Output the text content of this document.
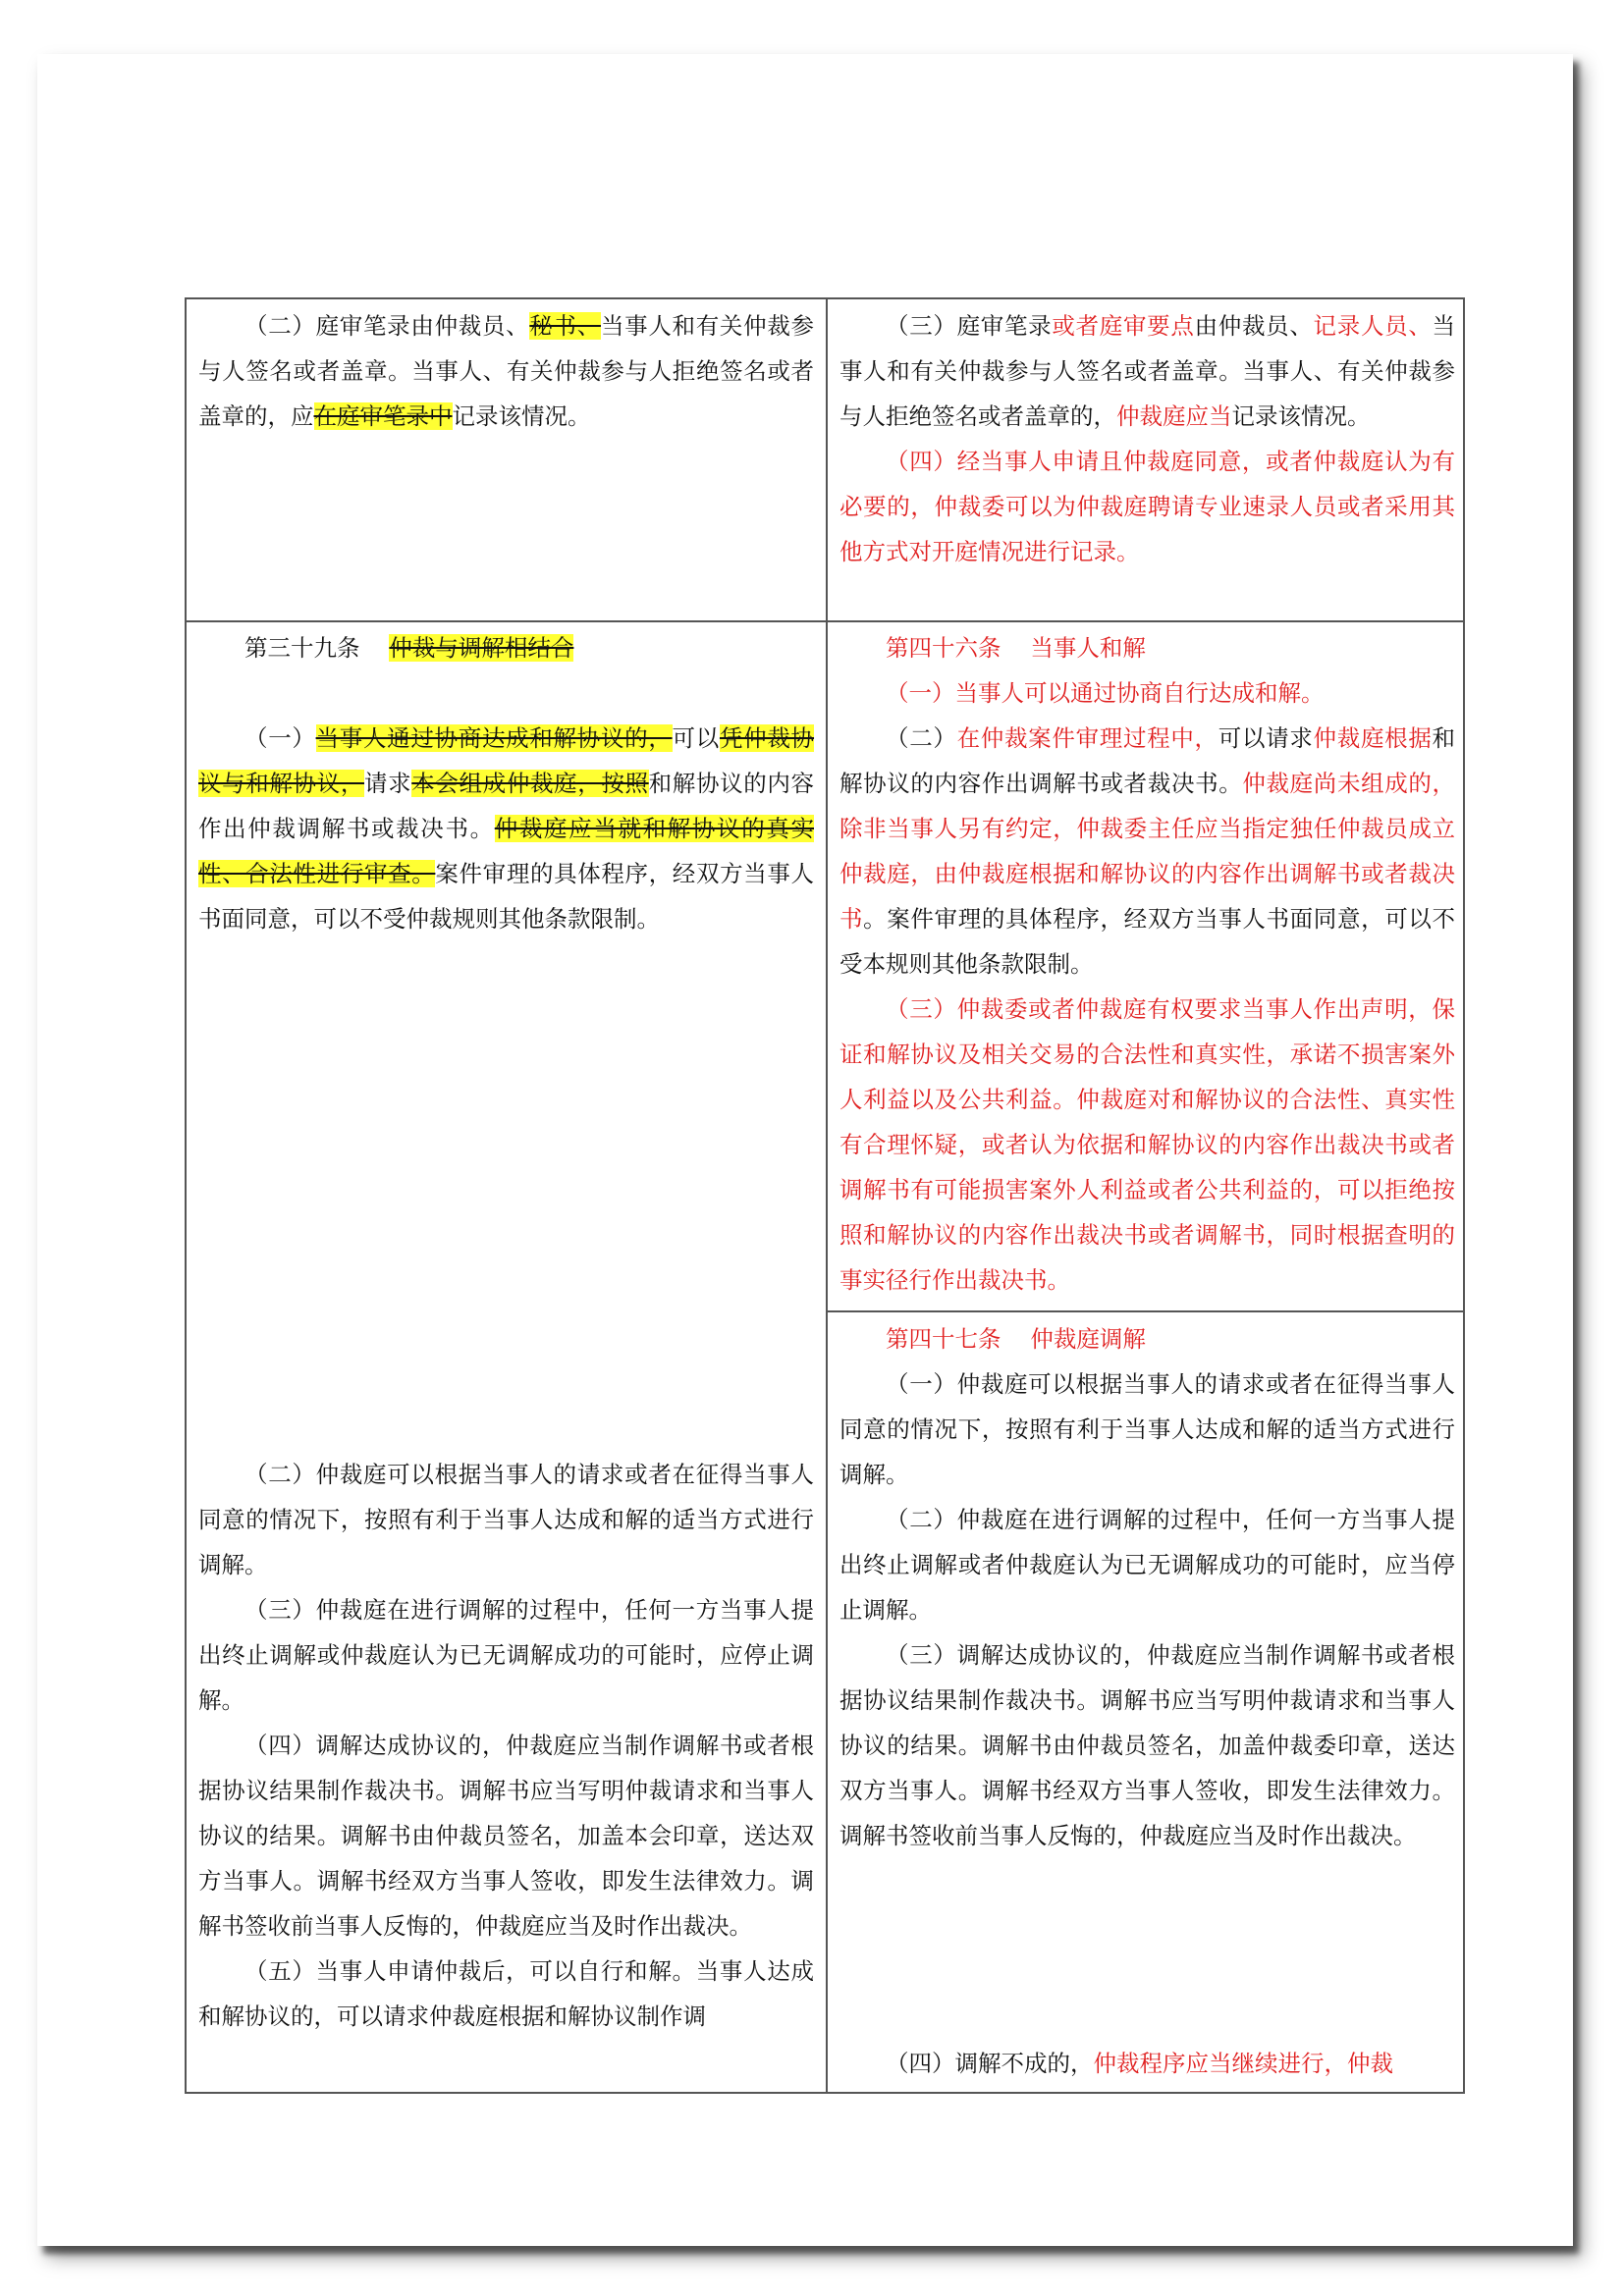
（二）庭审笔录由仲裁员、秘书、当事人和有关仲裁参与人签名或者盖章。当事人、有关仲裁参与人拒绝签名或者盖章的，应在庭审笔录中记录该情况。

（三）庭审笔录或者庭审要点由仲裁员、记录人员、当事人和有关仲裁参与人签名或者盖章。当事人、有关仲裁参与人拒绝签名或者盖章的，仲裁庭应当记录该情况。

（四）经当事人申请且仲裁庭同意，或者仲裁庭认为有必要的，仲裁委可以为仲裁庭聘请专业速录人员或者采用其他方式对开庭情况进行记录。

第三十九条 仲裁与调解相结合

（一）当事人通过协商达成和解协议的，可以凭仲裁协议与和解协议，请求本会组成仲裁庭，按照和解协议的内容作出仲裁调解书或裁决书。仲裁庭应当就和解协议的真实性、合法性进行审查。案件审理的具体程序，经双方当事人书面同意，可以不受仲裁规则其他条款限制。

（二）仲裁庭可以根据当事人的请求或者在征得当事人同意的情况下，按照有利于当事人达成和解的适当方式进行调解。

（三）仲裁庭在进行调解的过程中，任何一方当事人提出终止调解或仲裁庭认为已无调解成功的可能时，应停止调解。

（四）调解达成协议的，仲裁庭应当制作调解书或者根据协议结果制作裁决书。调解书应当写明仲裁请求和当事人协议的结果。调解书由仲裁员签名，加盖本会印章，送达双方当事人。调解书经双方当事人签收，即发生法律效力。调解书签收前当事人反悔的，仲裁庭应当及时作出裁决。

（五）当事人申请仲裁后，可以自行和解。当事人达成和解协议的，可以请求仲裁庭根据和解协议制作调

第四十六条 当事人和解

（一）当事人可以通过协商自行达成和解。

（二）在仲裁案件审理过程中，可以请求仲裁庭根据和解协议的内容作出调解书或者裁决书。仲裁庭尚未组成的，除非当事人另有约定，仲裁委主任应当指定独任仲裁员成立仲裁庭，由仲裁庭根据和解协议的内容作出调解书或者裁决书。案件审理的具体程序，经双方当事人书面同意，可以不受本规则其他条款限制。

（三）仲裁委或者仲裁庭有权要求当事人作出声明，保证和解协议及相关交易的合法性和真实性，承诺不损害案外人利益以及公共利益。仲裁庭对和解协议的合法性、真实性有合理怀疑，或者认为依据和解协议的内容作出裁决书或者调解书有可能损害案外人利益或者公共利益的，可以拒绝按照和解协议的内容作出裁决书或者调解书，同时根据查明的事实径行作出裁决书。

第四十七条 仲裁庭调解

（一）仲裁庭可以根据当事人的请求或者在征得当事人同意的情况下，按照有利于当事人达成和解的适当方式进行调解。

（二）仲裁庭在进行调解的过程中，任何一方当事人提出终止调解或者仲裁庭认为已无调解成功的可能时，应当停止调解。

（三）调解达成协议的，仲裁庭应当制作调解书或者根据协议结果制作裁决书。调解书应当写明仲裁请求和当事人协议的结果。调解书由仲裁员签名，加盖仲裁委印章，送达双方当事人。调解书经双方当事人签收，即发生法律效力。调解书签收前当事人反悔的，仲裁庭应当及时作出裁决。

（四）调解不成的，仲裁程序应当继续进行，仲裁
